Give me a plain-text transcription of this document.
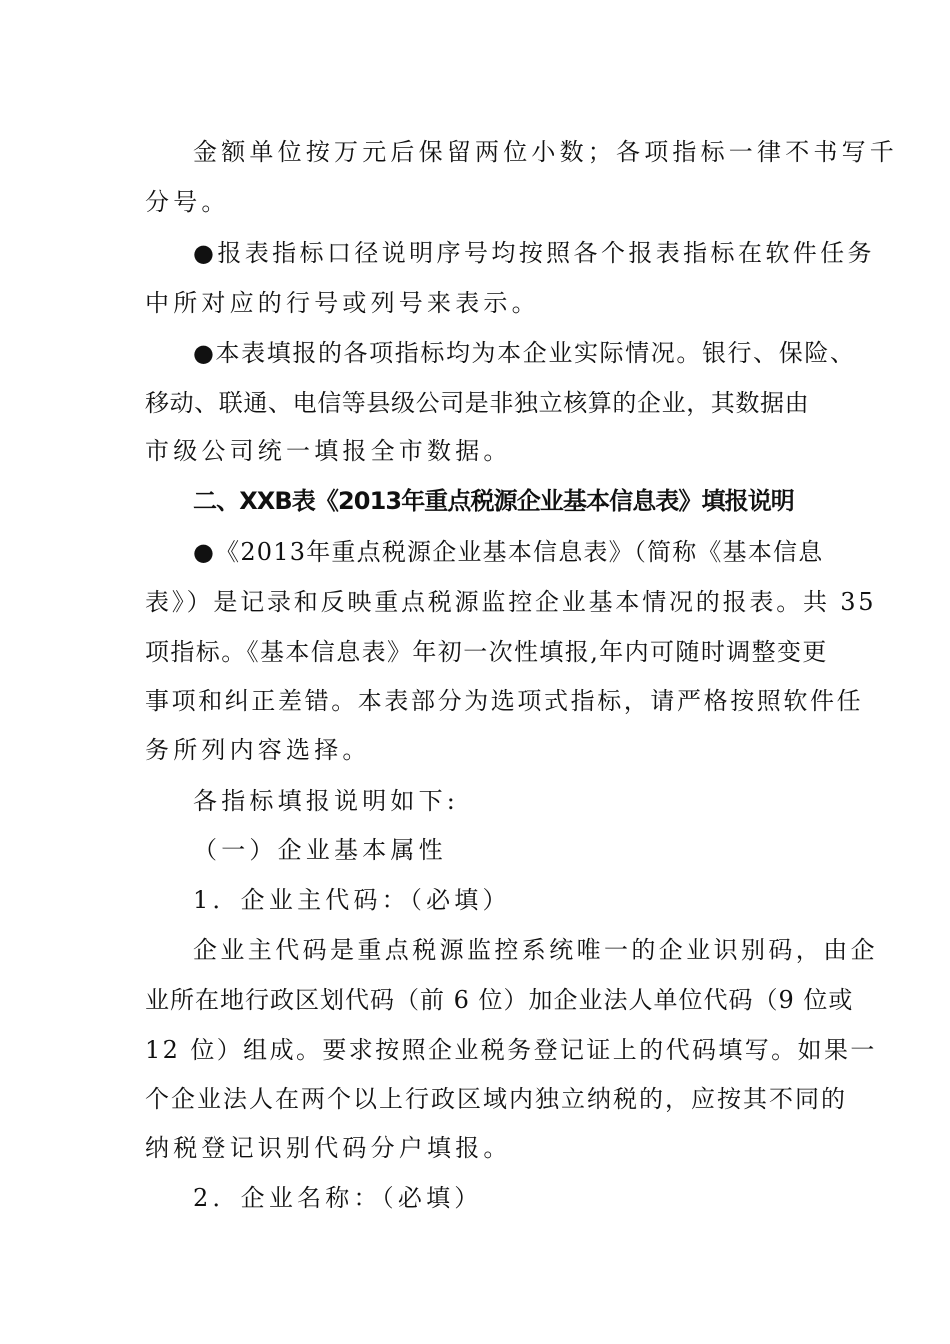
金额单位按万元后保留两位小数；各项指标一律不书写千

分号。

●报表指标口径说明序号均按照各个报表指标在软件任务

中所对应的行号或列号来表示。

●本表填报的各项指标均为本企业实际情况。银行、保险、

移动、联通、电信等县级公司是非独立核算的企业，其数据由

市级公司统一填报全市数据。

二、XXB表《2013年重点税源企业基本信息表》填报说明

●《2013年重点税源企业基本信息表》（简称《基本信息

表》）是记录和反映重点税源监控企业基本情况的报表。共 35

项指标。《基本信息表》年初一次性填报,年内可随时调整变更

事项和纠正差错。本表部分为选项式指标，请严格按照软件任

务所列内容选择。

各指标填报说明如下:

（一）企业基本属性

1．企业主代码：（必填）

企业主代码是重点税源监控系统唯一的企业识别码，由企

业所在地行政区划代码（前 6 位）加企业法人单位代码（9 位或

12 位）组成。要求按照企业税务登记证上的代码填写。如果一

个企业法人在两个以上行政区域内独立纳税的，应按其不同的

纳税登记识别代码分户填报。

2．企业名称：（必填）
